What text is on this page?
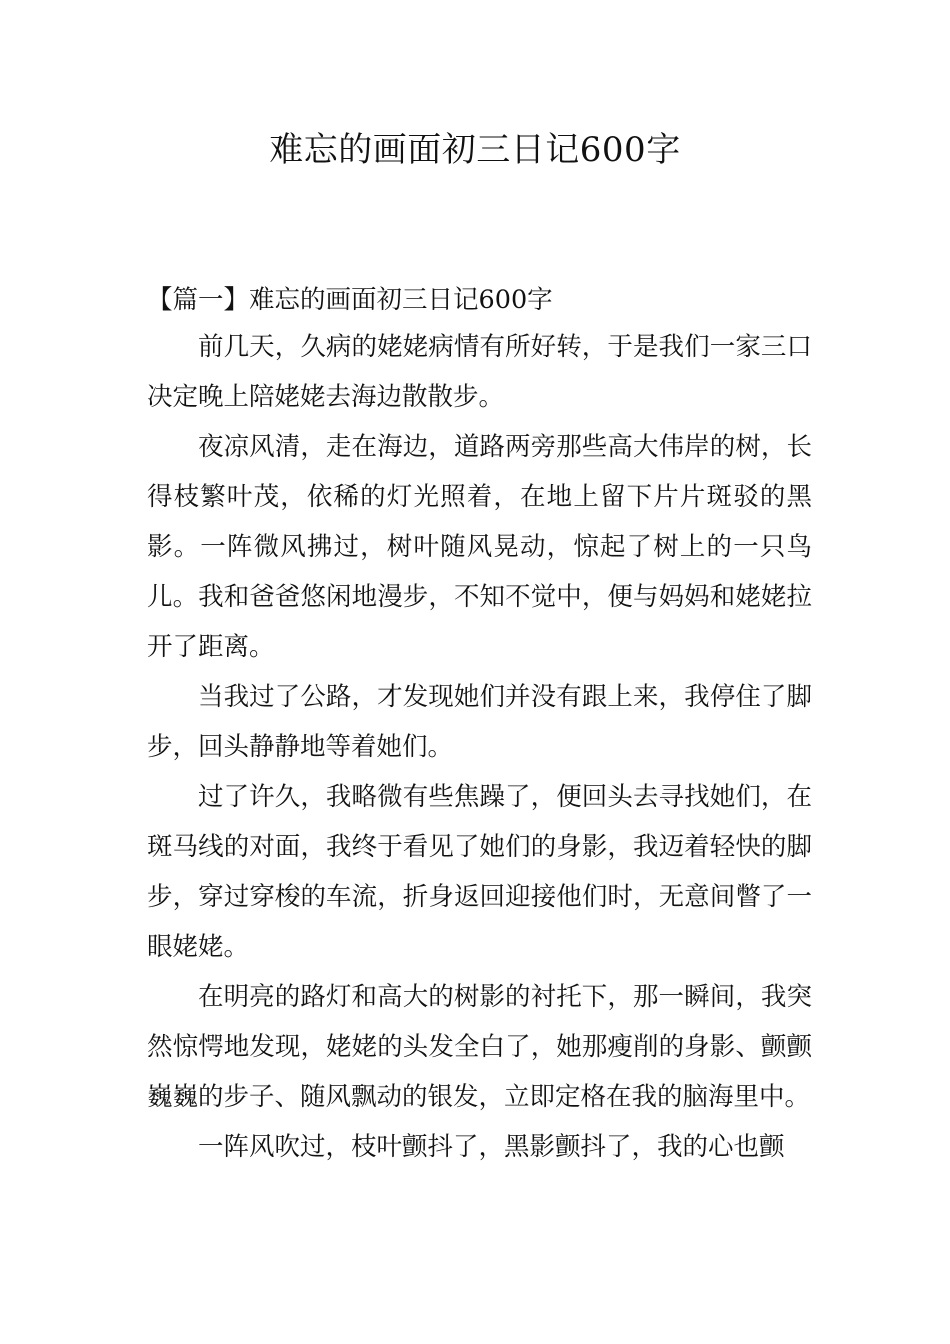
难忘的画面初三日记600字
【篇一】难忘的画面初三日记600字

前几天，久病的姥姥病情有所好转，于是我们一家三口决定晚上陪姥姥去海边散散步。

夜凉风清，走在海边，道路两旁那些高大伟岸的树，长得枝繁叶茂，依稀的灯光照着，在地上留下片片斑驳的黑影。一阵微风拂过，树叶随风晃动，惊起了树上的一只鸟儿。我和爸爸悠闲地漫步，不知不觉中，便与妈妈和姥姥拉开了距离。

当我过了公路，才发现她们并没有跟上来，我停住了脚步，回头静静地等着她们。

过了许久，我略微有些焦躁了，便回头去寻找她们，在斑马线的对面，我终于看见了她们的身影，我迈着轻快的脚步，穿过穿梭的车流，折身返回迎接他们时，无意间瞥了一眼姥姥。

在明亮的路灯和高大的树影的衬托下，那一瞬间，我突然惊愕地发现，姥姥的头发全白了，她那瘦削的身影、颤颤巍巍的步子、随风飘动的银发，立即定格在我的脑海里中。

一阵风吹过，枝叶颤抖了，黑影颤抖了，我的心也颤
